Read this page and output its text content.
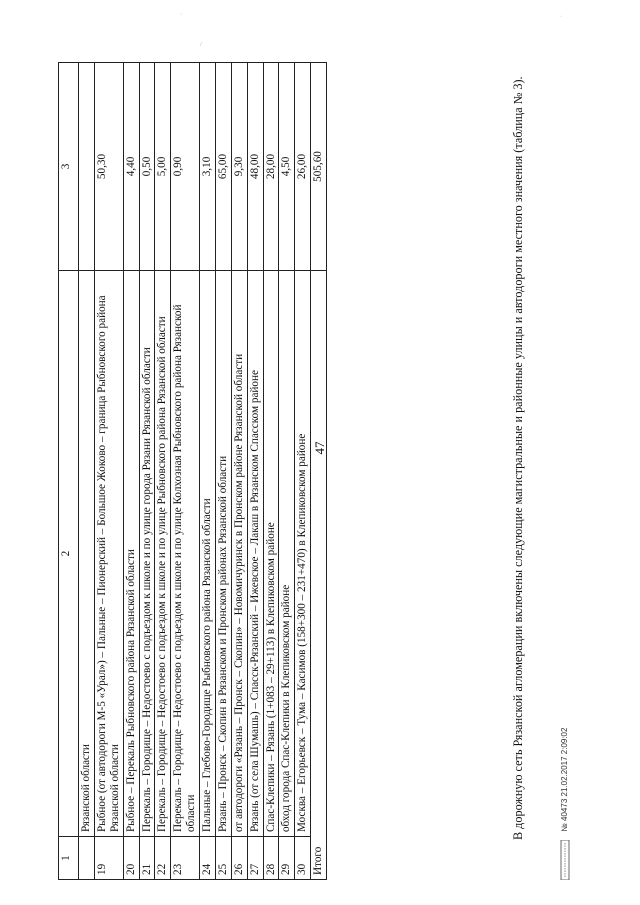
47
1	2	3
	Рязанской области	
19	Рыбное (от автодороги М-5 «Урал») – Пальные – Пионерский – Большое Жоково – граница Рыбновского района Рязанской области	50,30
20	Рыбное – Перекаль Рыбновского района Рязанской области	4,40
21	Перекаль – Городище – Недостоево с подъездом к школе и по улице города Рязани Рязанской области	0,50
22	Перекаль – Городище – Недостоево с подъездом к школе и по улице Рыбновского района Рязанской области	5,00
23	Перекаль – Городище – Недостоево с подъездом к школе и по улице Колхозная Рыбновского района Рязанской области	0,90
24	Пальные – Глебово-Городище Рыбновского района Рязанской области	3,10
25	Рязань – Пронск – Скопин в Рязанском и Пронском районах Рязанской области	65,00
26	от автодороги «Рязань – Пронск – Скопин» – Новомичуринск в Пронском районе Рязанской области	9,30
27	Рязань (от села Шумашь) – Спасск-Рязанский – Ижевское – Лакаш в Рязанском Спасском районе	48,00
28	Спас-Клепики – Рязань (1+083 – 29+113) в Клепиковском районе	28,00
29	обход города Спас-Клепики в Клепиковском районе	4,50
30	Москва – Егорьевск – Тума – Касимов (158+300 – 231+470) в Клепиковском районе	26,00
Итого		505,60	В дорожную сеть Рязанской агломерации включены следующие магистральные и районные улицы и автодороги местного значения (таблица № 3).	№ 40473 21.02.2017 2:09:02
·	·
/
